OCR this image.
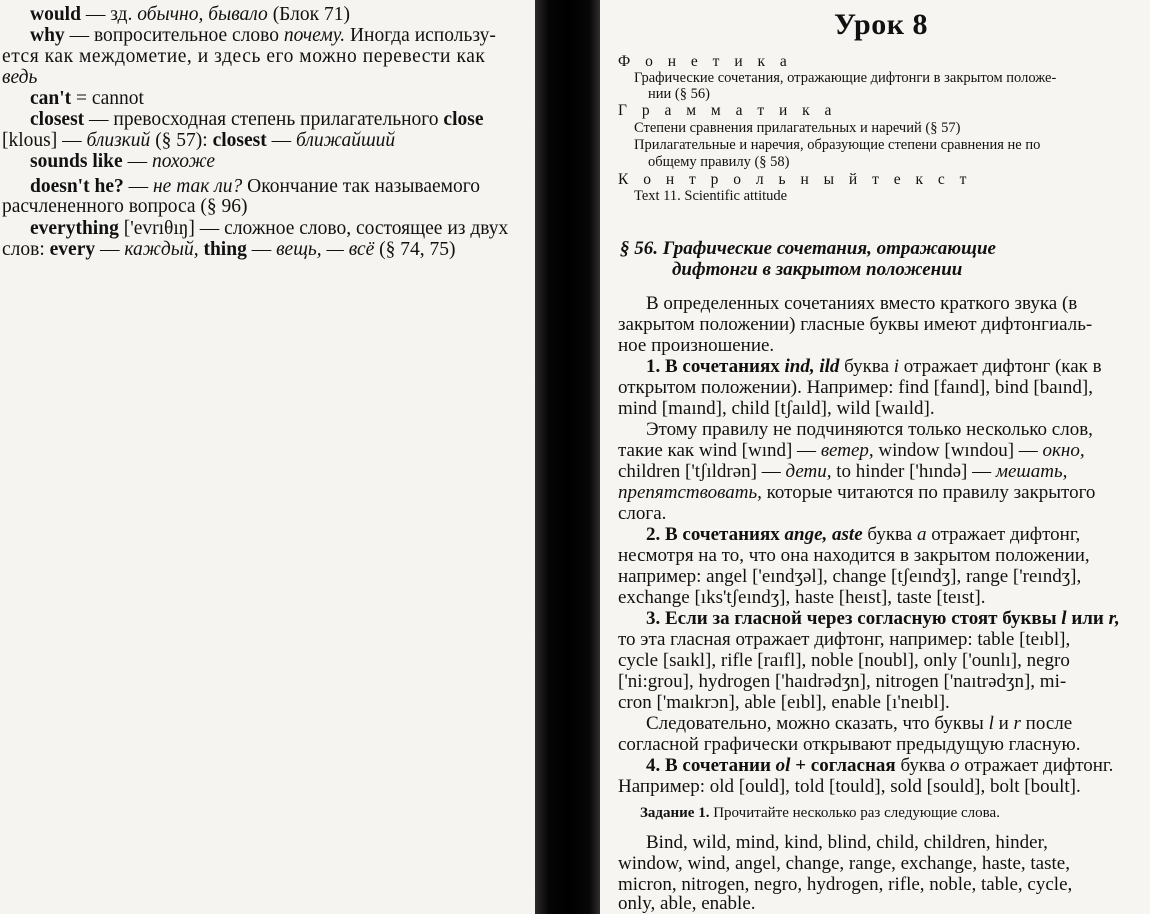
would — зд. обычно, бывало (Блок 71)
why — вопросительное слово почему. Иногда использу-
ется как междометие, и здесь его можно перевести как
ведь
can't = cannot
closest — превосходная степень прилагательного close
[klous] — близкий (§ 57): closest — ближайший
sounds like — похоже
doesn't he? — не так ли? Окончание так называемого
расчлененного вопроса (§ 96)
everything ['evrıθıŋ] — сложное слово, состоящее из двух
слов: every — каждый, thing — вещь, — всё (§ 74, 75)
Урок 8
Ф о н е т и к а
Графические сочетания, отражающие дифтонги в закрытом положе-
нии (§ 56)
Г р а м м а т и к а
Степени сравнения прилагательных и наречий (§ 57)
Прилагательные и наречия, образующие степени сравнения не по
общему правилу (§ 58)
К о н т р о л ь н ы й т е к с т
Text 11. Scientific attitude
§ 56. Графические сочетания, отражающие
дифтонги в закрытом положении
В определенных сочетаниях вместо краткого звука (в
закрытом положении) гласные буквы имеют дифтонгиаль-
ное произношение.
1. В сочетаниях ind, ild буква i отражает дифтонг (как в
открытом положении). Например: find [faınd], bind [baınd],
mind [maınd], child [tʃaıld], wild [waıld].
Этому правилу не подчиняются только несколько слов,
такие как wind [wınd] — ветер, window [wındou] — окно,
children ['tʃıldrən] — дети, to hinder ['hındə] — мешать,
препятствовать, которые читаются по правилу закрытого
слога.
2. В сочетаниях ange, aste буква a отражает дифтонг,
несмотря на то, что она находится в закрытом положении,
например: angel ['eındʒəl], change [tʃeındʒ], range ['reındʒ],
exchange [ıks'tʃeındʒ], haste [heıst], taste [teıst].
3. Если за гласной через согласную стоят буквы l или r,
то эта гласная отражает дифтонг, например: table [teıbl],
cycle [saıkl], rifle [raıfl], noble [noubl], only ['ounlı], negro
['ni:grou], hydrogen ['haıdrədʒn], nitrogen ['naıtrədʒn], mi-
cron ['maıkrɔn], able [eıbl], enable [ı'neıbl].
Следовательно, можно сказать, что буквы l и r после
согласной графически открывают предыдущую гласную.
4. В сочетании ol + согласная буква o отражает дифтонг.
Например: old [ould], told [tould], sold [sould], bolt [boult].
Задание 1. Прочитайте несколько раз следующие слова.
Bind, wild, mind, kind, blind, child, children, hinder,
window, wind, angel, change, range, exchange, haste, taste,
micron, nitrogen, negro, hydrogen, rifle, noble, table, cycle,
only, able, enable.
